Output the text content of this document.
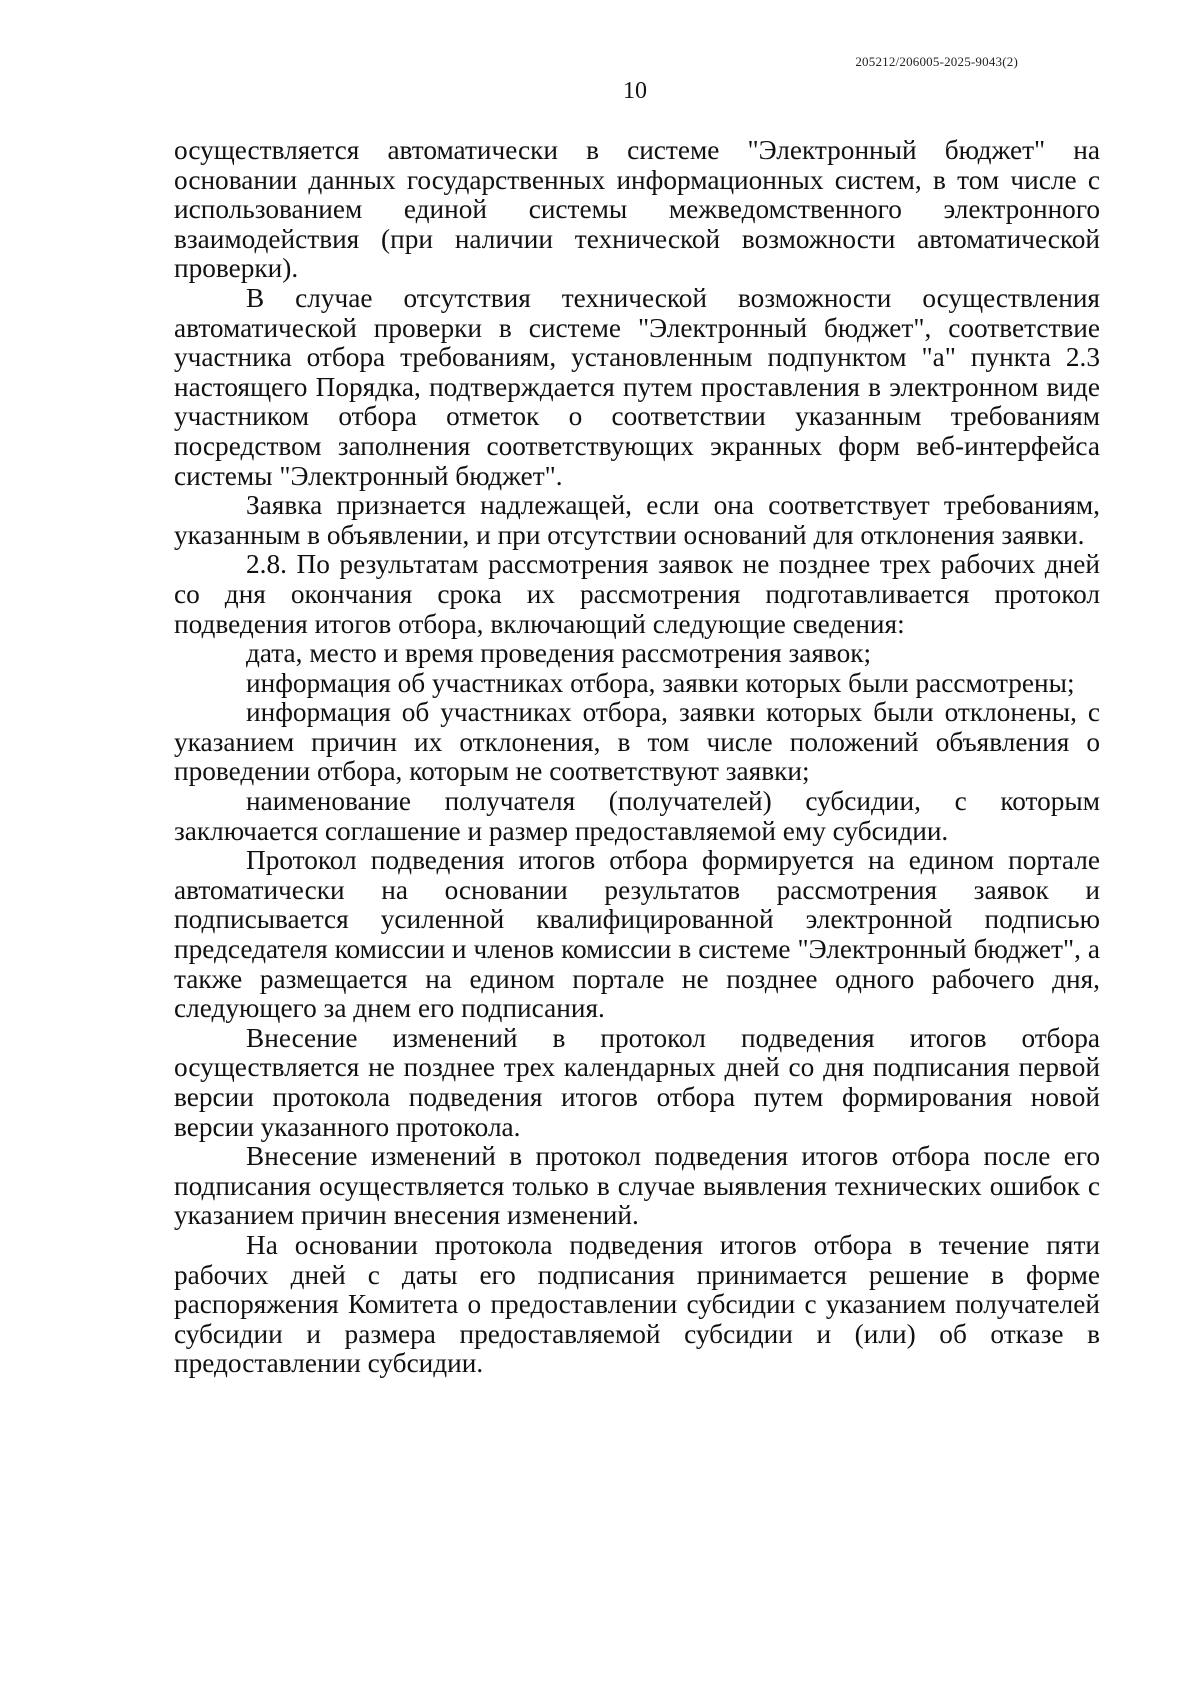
205212/206005-2025-9043(2)
10

осуществляется автоматически в системе "Электронный бюджет" на основании данных государственных информационных систем, в том числе с использованием единой системы межведомственного электронного взаимодействия (при наличии технической возможности автоматической проверки).

В случае отсутствия технической возможности осуществления автоматической проверки в системе "Электронный бюджет", соответствие участника отбора требованиям, установленным подпунктом "а" пункта 2.3 настоящего Порядка, подтверждается путем проставления в электронном виде участником отбора отметок о соответствии указанным требованиям посредством заполнения соответствующих экранных форм веб-интерфейса системы "Электронный бюджет".

Заявка признается надлежащей, если она соответствует требованиям, указанным в объявлении, и при отсутствии оснований для отклонения заявки.

2.8. По результатам рассмотрения заявок не позднее трех рабочих дней со дня окончания срока их рассмотрения подготавливается протокол подведения итогов отбора, включающий следующие сведения:

дата, место и время проведения рассмотрения заявок;

информация об участниках отбора, заявки которых были рассмотрены;

информация об участниках отбора, заявки которых были отклонены, с указанием причин их отклонения, в том числе положений объявления о проведении отбора, которым не соответствуют заявки;

наименование получателя (получателей) субсидии, с которым заключается соглашение и размер предоставляемой ему субсидии.

Протокол подведения итогов отбора формируется на едином портале автоматически на основании результатов рассмотрения заявок и подписывается усиленной квалифицированной электронной подписью председателя комиссии и членов комиссии в системе "Электронный бюджет", а также размещается на едином портале не позднее одного рабочего дня, следующего за днем его подписания.

Внесение изменений в протокол подведения итогов отбора осуществляется не позднее трех календарных дней со дня подписания первой версии протокола подведения итогов отбора путем формирования новой версии указанного протокола.

Внесение изменений в протокол подведения итогов отбора после его подписания осуществляется только в случае выявления технических ошибок с указанием причин внесения изменений.

На основании протокола подведения итогов отбора в течение пяти рабочих дней с даты его подписания принимается решение в форме распоряжения Комитета о предоставлении субсидии с указанием получателей субсидии и размера предоставляемой субсидии и (или) об отказе в предоставлении субсидии.
